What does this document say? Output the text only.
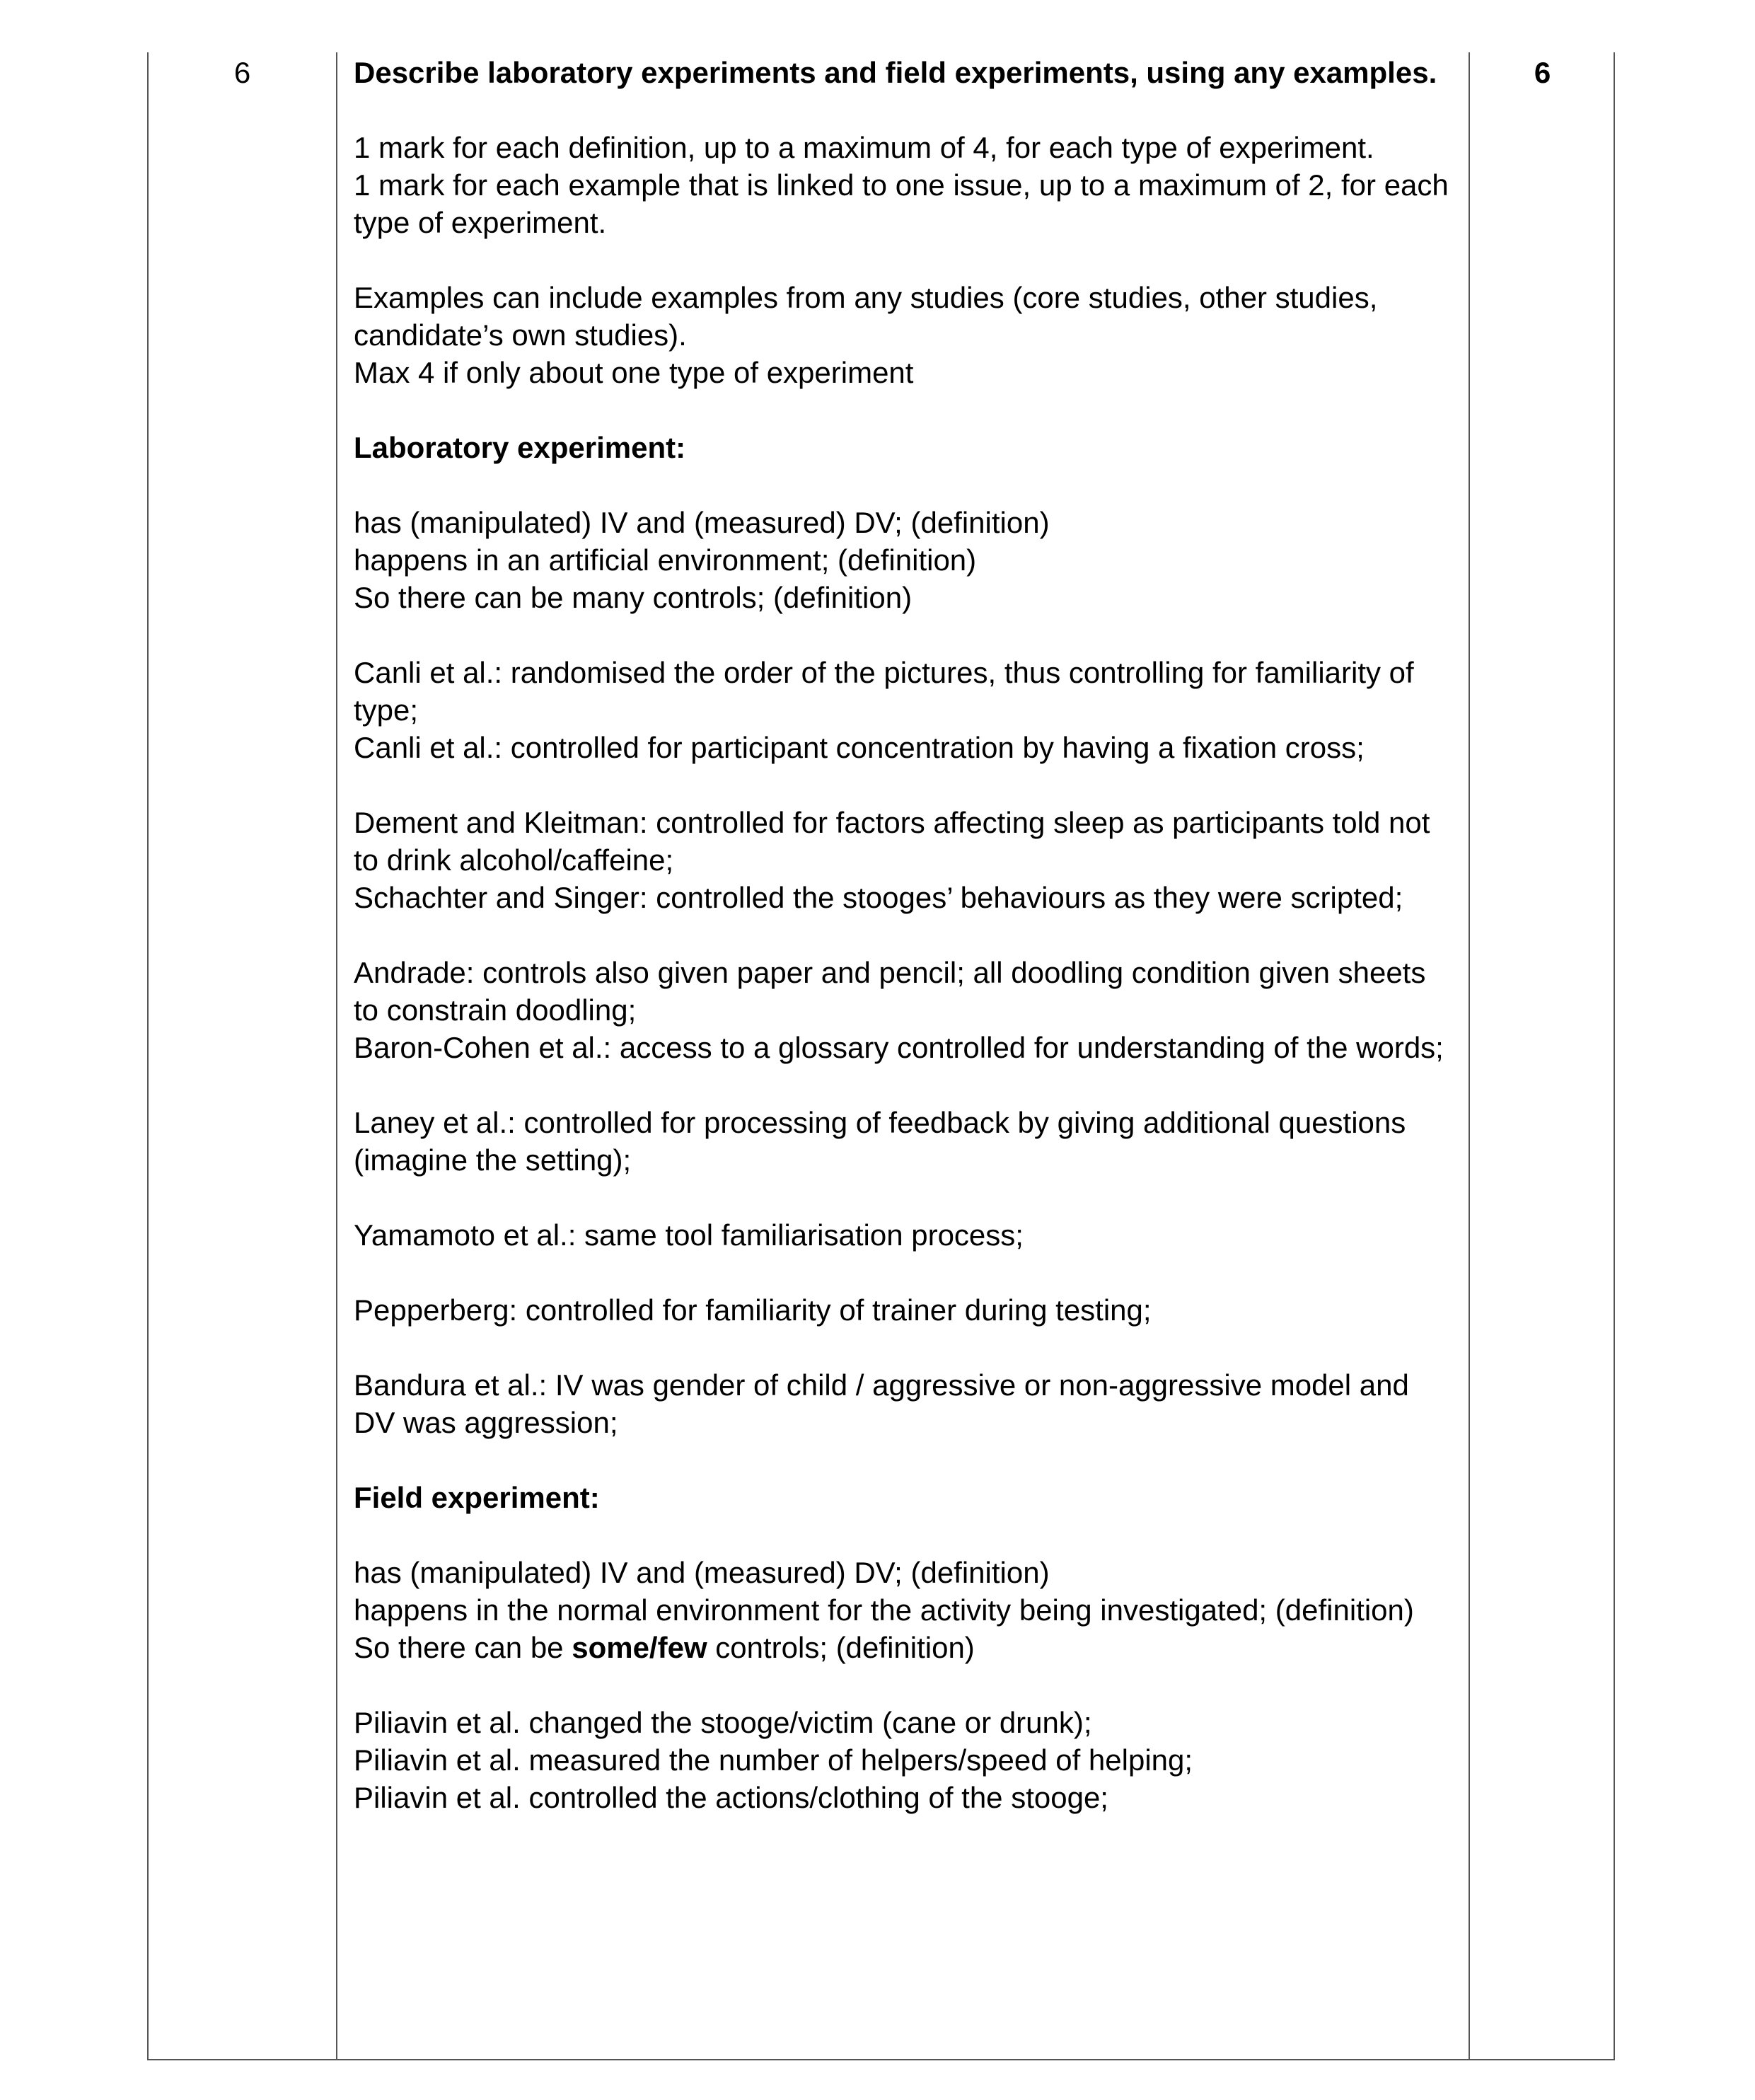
6	Describe laboratory experiments and field experiments, using any examples.

1 mark for each definition, up to a maximum of 4, for each type of experiment.
1 mark for each example that is linked to one issue, up to a maximum of 2, for each type of experiment.

Examples can include examples from any studies (core studies, other studies, candidate’s own studies).
Max 4 if only about one type of experiment

Laboratory experiment:

has (manipulated) IV and (measured) DV; (definition)
happens in an artificial environment; (definition)
So there can be many controls; (definition)

Canli et al.: randomised the order of the pictures, thus controlling for familiarity of type;
Canli et al.: controlled for participant concentration by having a fixation cross;

Dement and Kleitman: controlled for factors affecting sleep as participants told not to drink alcohol/caffeine;
Schachter and Singer: controlled the stooges’ behaviours as they were scripted;

Andrade: controls also given paper and pencil; all doodling condition given sheets to constrain doodling;
Baron-Cohen et al.: access to a glossary controlled for understanding of the words;

Laney et al.: controlled for processing of feedback by giving additional questions (imagine the setting);

Yamamoto et al.: same tool familiarisation process;

Pepperberg: controlled for familiarity of trainer during testing;

Bandura et al.: IV was gender of child / aggressive or non-aggressive model and DV was aggression;

Field experiment:

has (manipulated) IV and (measured) DV; (definition)
happens in the normal environment for the activity being investigated; (definition)
So there can be some/few controls; (definition)

Piliavin et al. changed the stooge/victim (cane or drunk);
Piliavin et al. measured the number of helpers/speed of helping;
Piliavin et al. controlled the actions/clothing of the stooge;

6
